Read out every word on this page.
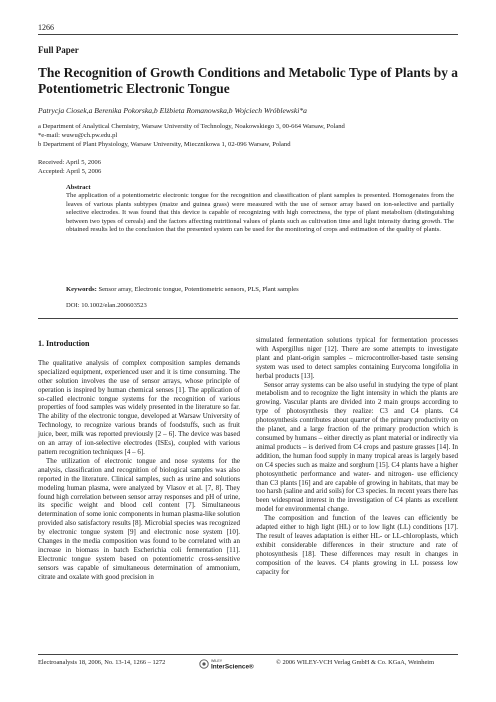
1266
Full Paper
The Recognition of Growth Conditions and Metabolic Type of Plants by a Potentiometric Electronic Tongue
Patrycja Ciosek,a Berenika Pokorska,b Elżbieta Romanowska,b Wojciech Wróblewski*a
a Department of Analytical Chemistry, Warsaw University of Technology, Noakowskiego 3, 00-664 Warsaw, Poland
*e-mail: wuwu@ch.pw.edu.pl
b Department of Plant Physiology, Warsaw University, Miecznikowa 1, 02-096 Warsaw, Poland
Received: April 5, 2006
Accepted: April 5, 2006
Abstract

The application of a potentiometric electronic tongue for the recognition and classification of plant samples is presented. Homogenates from the leaves of various plants subtypes (maize and guinea grass) were measured with the use of sensor array based on ion-selective and partially selective electrodes. It was found that this device is capable of recognizing with high correctness, the type of plant metabolism (distinguishing between two types of cereals) and the factors affecting nutritional values of plants such as cultivation time and light intensity during growth. The obtained results led to the conclusion that the presented system can be used for the monitoring of crops and estimation of the quality of plants.

Keywords: Sensor array, Electronic tongue, Potentiometric sensors, PLS, Plant samples
DOI: 10.1002/elan.200603523
1. Introduction

The qualitative analysis of complex composition samples demands specialized equipment, experienced user and it is time consuming. The other solution involves the use of sensor arrays, whose principle of operation is inspired by human chemical senses [1]. The application of so-called electronic tongue systems for the recognition of various properties of food samples was widely presented in the literature so far. The ability of the electronic tongue, developed at Warsaw University of Technology, to recognize various brands of foodstuffs, such as fruit juice, beer, milk was reported previously [2 – 6]. The device was based on an array of ion-selective electrodes (ISEs), coupled with various pattern recognition techniques [4 – 6].

The utilization of electronic tongue and nose systems for the analysis, classification and recognition of biological samples was also reported in the literature. Clinical samples, such as urine and solutions modeling human plasma, were analyzed by Vlasov et al. [7, 8]. They found high correlation between sensor array responses and pH of urine, its specific weight and blood cell content [7]. Simultaneous determination of some ionic components in human plasma-like solution provided also satisfactory results [8]. Microbial species was recognized by electronic tongue system [9] and electronic nose system [10]. Changes in the media composition was found to be correlated with an increase in biomass in batch Escherichia coli fermentation [11]. Electronic tongue system based on potentiometric cross-sensitive sensors was capable of simultaneous determination of ammonium, citrate and oxalate with good precision in

simulated fermentation solutions typical for fermentation processes with Aspergillus niger [12]. There are some attempts to investigate plant and plant-origin samples – microcontroller-based taste sensing system was used to detect samples containing Eurycoma longifolia in herbal products [13].

Sensor array systems can be also useful in studying the type of plant metabolism and to recognize the light intensity in which the plants are growing. Vascular plants are divided into 2 main groups according to type of photosynthesis they realize: C3 and C4 plants. C4 photosynthesis contributes about quarter of the primary productivity on the planet, and a large fraction of the primary production which is consumed by humans – either directly as plant material or indirectly via animal products – is derived from C4 crops and pasture grasses [14]. In addition, the human food supply in many tropical areas is largely based on C4 species such as maize and sorghum [15]. C4 plants have a higher photosynthetic performance and water- and nitrogen- use efficiency than C3 plants [16] and are capable of growing in habitats, that may be too harsh (saline and arid soils) for C3 species. In recent years there has been widespread interest in the investigation of C4 plants as excellent model for environmental change.

The composition and function of the leaves can efficiently be adapted either to high light (HL) or to low light (LL) conditions [17]. The result of leaves adaptation is either HL- or LL-chloroplasts, which exhibit considerable differences in their structure and rate of photosynthesis [18]. These differences may result in changes in composition of the leaves. C4 plants growing in LL possess low capacity for

Electroanalysis 18, 2006, No. 13-14, 1266 – 1272	WILEY
InterScience®
© 2006 WILEY-VCH Verlag GmbH & Co. KGaA, Weinheim
